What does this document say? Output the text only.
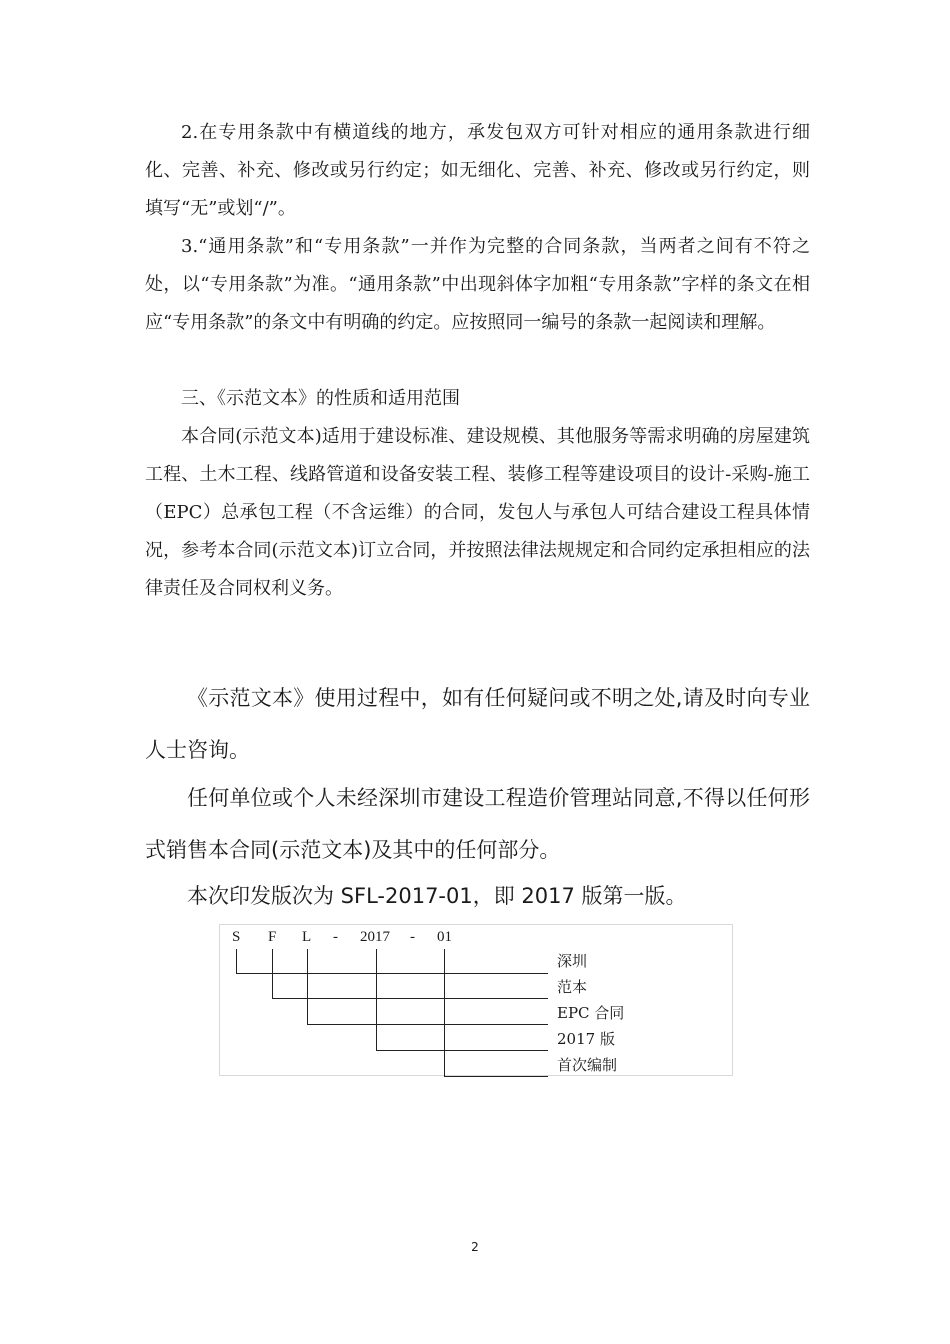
2.在专用条款中有横道线的地方，承发包双方可针对相应的通用条款进行细化、完善、补充、修改或另行约定；如无细化、完善、补充、修改或另行约定，则填写“无”或划“/”。

3.“通用条款”和“专用条款”一并作为完整的合同条款，当两者之间有不符之处，以“专用条款”为准。“通用条款”中出现斜体字加粗“专用条款”字样的条文在相应“专用条款”的条文中有明确的约定。应按照同一编号的条款一起阅读和理解。

三、《示范文本》的性质和适用范围

本合同(示范文本)适用于建设标准、建设规模、其他服务等需求明确的房屋建筑工程、土木工程、线路管道和设备安装工程、装修工程等建设项目的设计-采购-施工（EPC）总承包工程（不含运维）的合同，发包人与承包人可结合建设工程具体情况，参考本合同(示范文本)订立合同，并按照法律法规规定和合同约定承担相应的法律责任及合同权利义务。

《示范文本》使用过程中，如有任何疑问或不明之处,请及时向专业人士咨询。

任何单位或个人未经深圳市建设工程造价管理站同意,不得以任何形式销售本合同(示范文本)及其中的任何部分。

本次印发版次为 SFL-2017-01，即 2017 版第一版。

S F L - 2017 - 01
深圳
范本
EPC 合同
2017 版
首次编制
2
